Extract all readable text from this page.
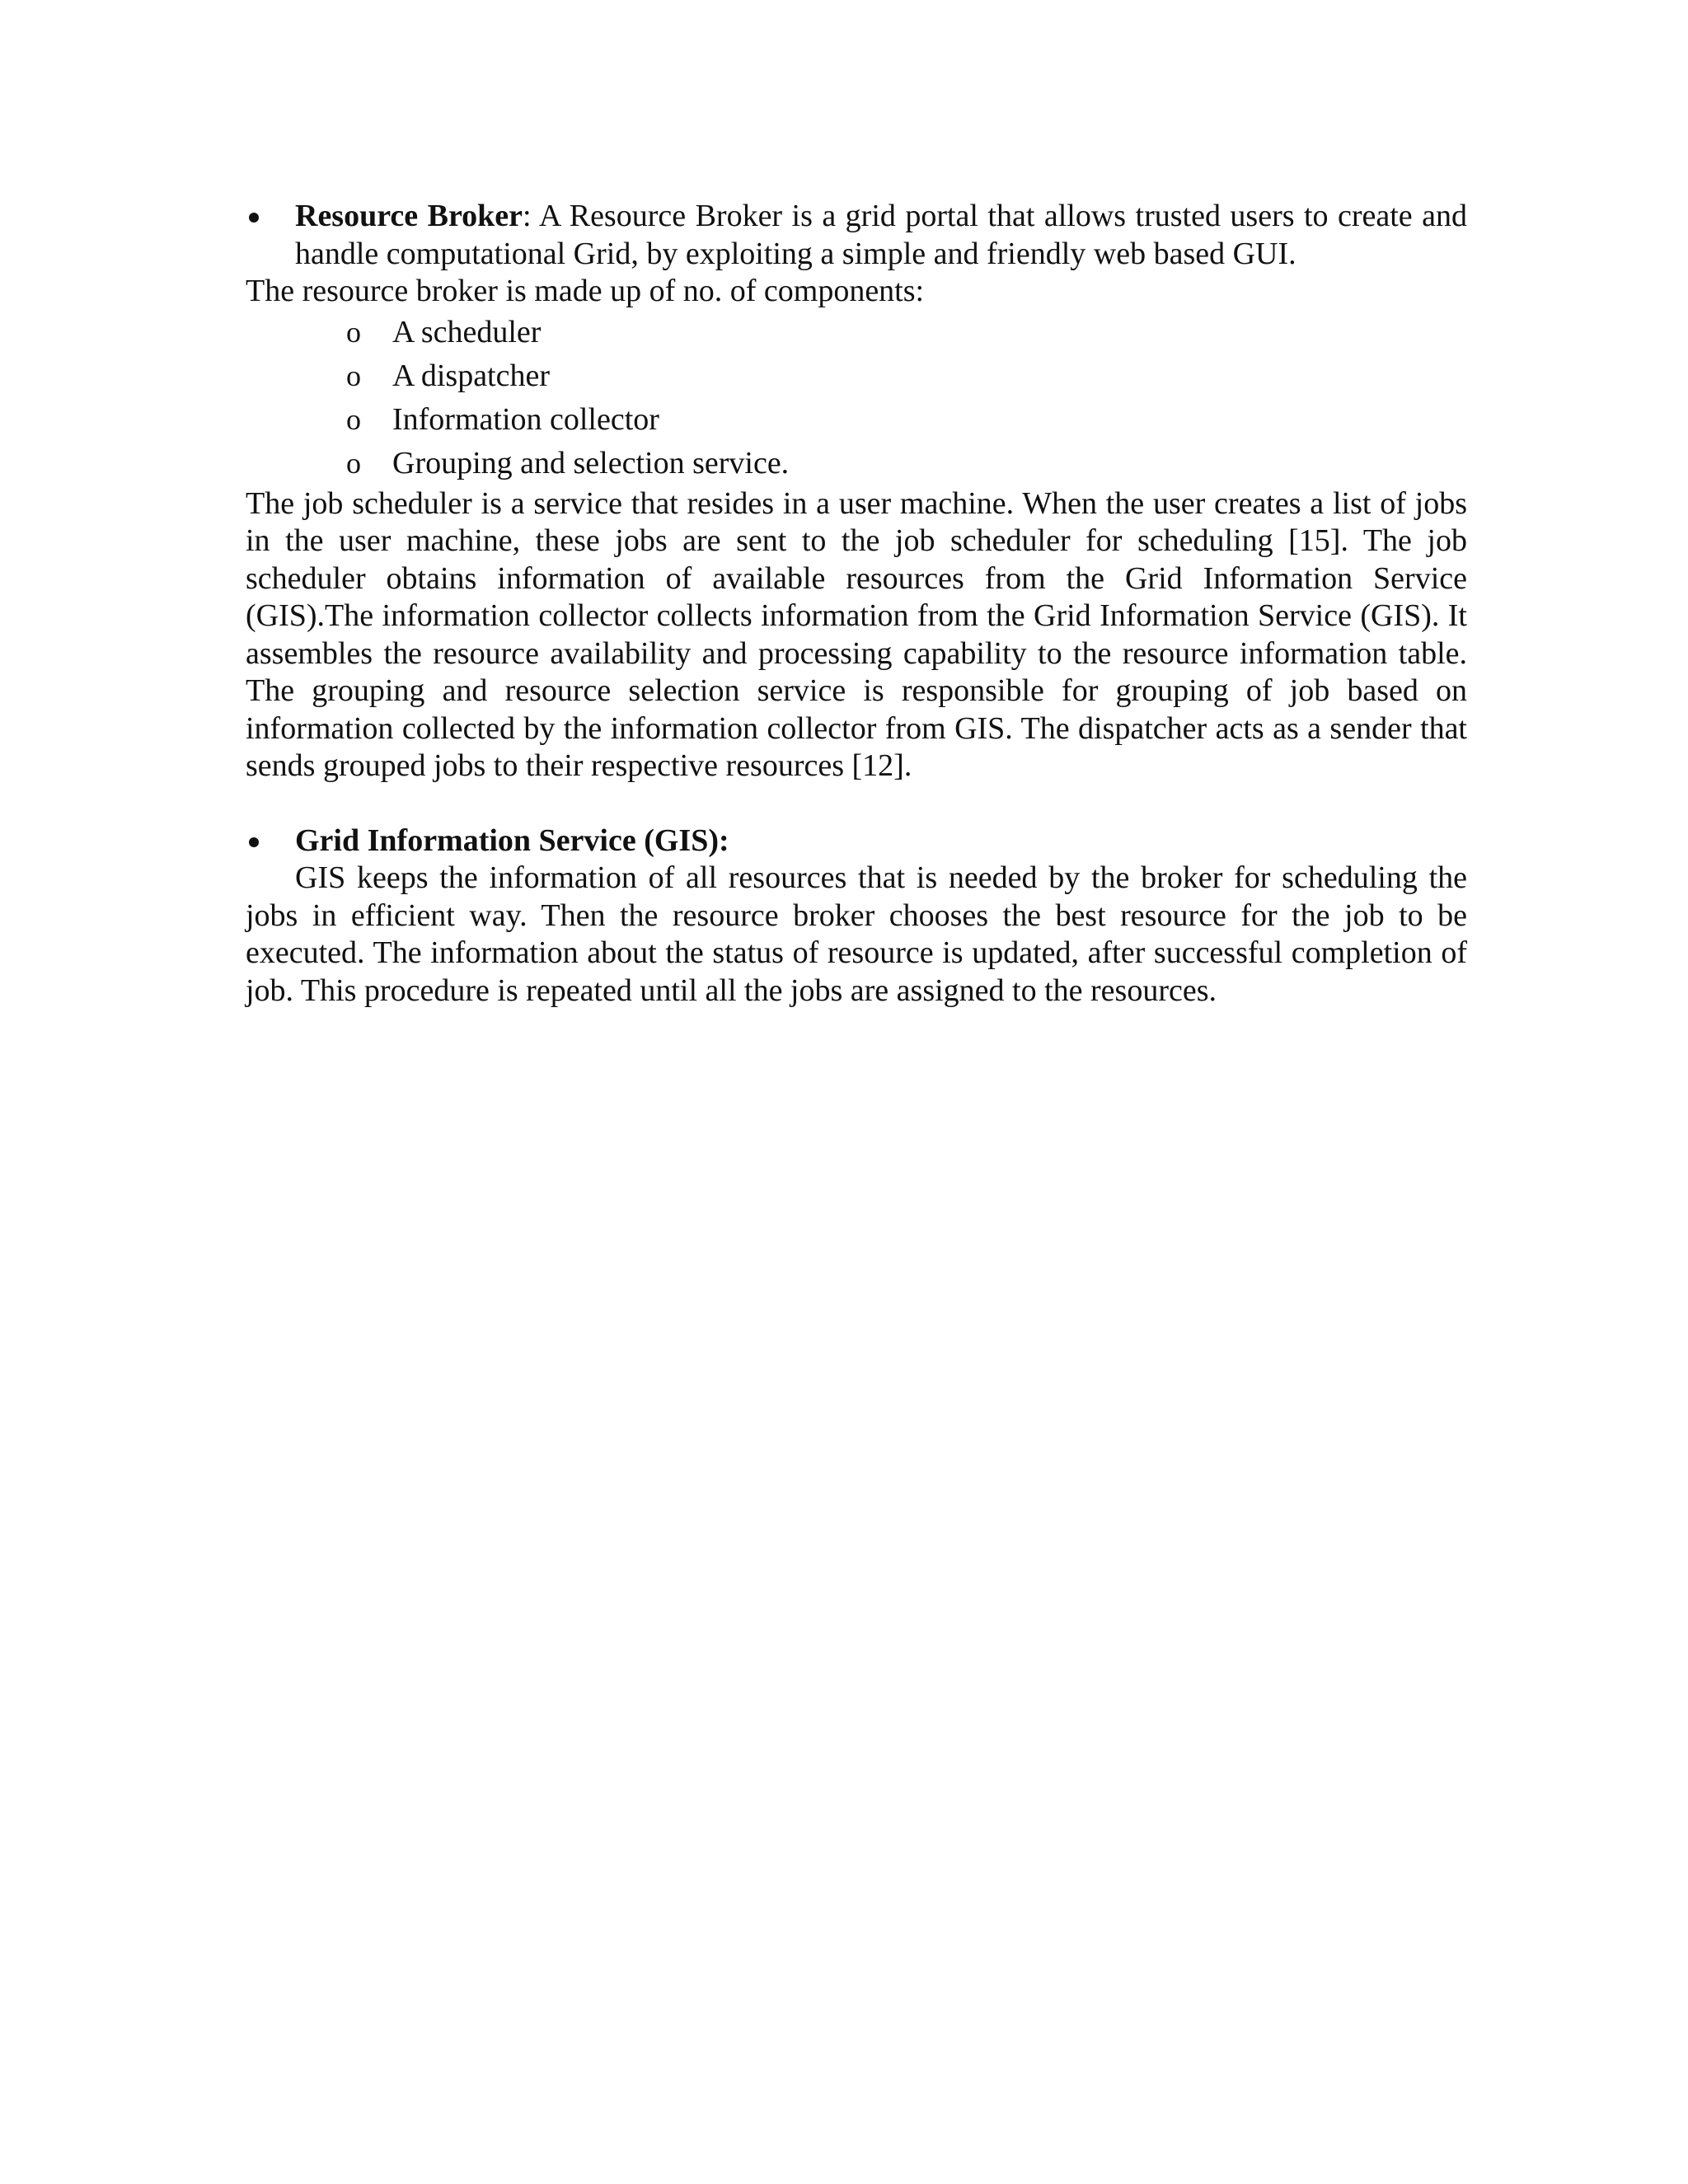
Resource Broker: A Resource Broker is a grid portal that allows trusted users to create and handle computational Grid, by exploiting a simple and friendly web based GUI.
The resource broker is made up of no. of components:
o A scheduler
o A dispatcher
o Information collector
o Grouping and selection service.

The job scheduler is a service that resides in a user machine. When the user creates a list of jobs in the user machine, these jobs are sent to the job scheduler for scheduling [15]. The job scheduler obtains information of available resources from the Grid Information Service (GIS).The information collector collects information from the Grid Information Service (GIS). It assembles the resource availability and processing capability to the resource information table. The grouping and resource selection service is responsible for grouping of job based on information collected by the information collector from GIS. The dispatcher acts as a sender that sends grouped jobs to their respective resources [12].

Grid Information Service (GIS):

GIS keeps the information of all resources that is needed by the broker for scheduling the jobs in efficient way. Then the resource broker chooses the best resource for the job to be executed. The information about the status of resource is updated, after successful completion of job. This procedure is repeated until all the jobs are assigned to the resources.
